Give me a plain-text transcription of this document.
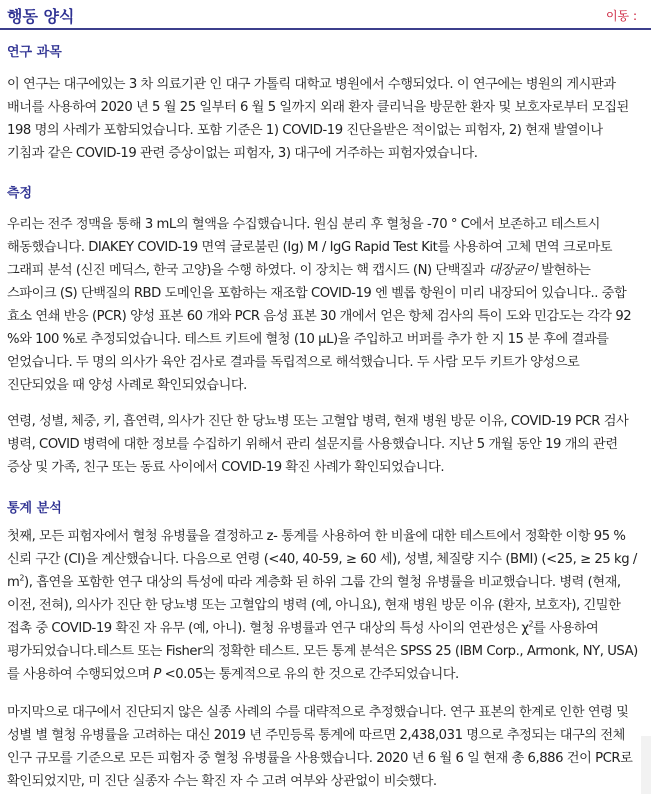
행동 양식	이동 :
연구 과목

이 연구는 대구에있는 3 차 의료기관 인 대구 가톨릭 대학교 병원에서 수행되었다. 이 연구에는 병원의 게시판과 배너를 사용하여 2020 년 5 월 25 일부터 6 월 5 일까지 외래 환자 클리닉을 방문한 환자 및 보호자로부터 모집된 198 명의 사례가 포함되었습니다. 포함 기준은 1) COVID-19 진단을받은 적이없는 피험자, 2) 현재 발열이나 기침과 같은 COVID-19 관련 증상이없는 피험자, 3) 대구에 거주하는 피험자였습니다.

측정

우리는 전주 정맥을 통해 3 mL의 혈액을 수집했습니다. 원심 분리 후 혈청을 -70 ° C에서 보존하고 테스트시 해동했습니다. DIAKEY COVID-19 면역 글로불린 (Ig) M / IgG Rapid Test Kit를 사용하여 고체 면역 크로마토 그래피 분석 (신진 메딕스, 한국 고양)을 수행 하였다. 이 장치는 핵 캡시드 (N) 단백질과 대장균이 발현하는 스파이크 (S) 단백질의 RBD 도메인을 포함하는 재조합 COVID-19 엔 벨롭 항원이 미리 내장되어 있습니다.. 중합 효소 연쇄 반응 (PCR) 양성 표본 60 개와 PCR 음성 표본 30 개에서 얻은 항체 검사의 특이 도와 민감도는 각각 92 %와 100 %로 추정되었습니다. 테스트 키트에 혈청 (10 μL)을 주입하고 버퍼를 추가 한 지 15 분 후에 결과를 얻었습니다. 두 명의 의사가 육안 검사로 결과를 독립적으로 해석했습니다. 두 사람 모두 키트가 양성으로 진단되었을 때 양성 사례로 확인되었습니다.

연령, 성별, 체중, 키, 흡연력, 의사가 진단 한 당뇨병 또는 고혈압 병력, 현재 병원 방문 이유, COVID-19 PCR 검사 병력, COVID 병력에 대한 정보를 수집하기 위해서 관리 설문지를 사용했습니다. 지난 5 개월 동안 19 개의 관련 증상 및 가족, 친구 또는 동료 사이에서 COVID-19 확진 사례가 확인되었습니다.

통계 분석

첫째, 모든 피험자에서 혈청 유병률을 결정하고 z- 통계를 사용하여 한 비율에 대한 테스트에서 정확한 이항 95 % 신뢰 구간 (CI)을 계산했습니다. 다음으로 연령 (<40, 40-59, ≥ 60 세), 성별, 체질량 지수 (BMI) (<25, ≥ 25 kg / $m^2$), 흡연을 포함한 연구 대상의 특성에 따라 계층화 된 하위 그룹 간의 혈청 유병률을 비교했습니다. 병력 (현재, 이전, 전혀), 의사가 진단 한 당뇨병 또는 고혈압의 병력 (예, 아니요), 현재 병원 방문 이유 (환자, 보호자), 긴밀한 접촉 중 COVID-19 확진 자 유무 (예, 아니). 혈청 유병률과 연구 대상의 특성 사이의 연관성은 $\chi^2$를 사용하여 평가되었습니다.테스트 또는 Fisher의 정확한 테스트. 모든 통계 분석은 SPSS 25 (IBM Corp., Armonk, NY, USA)를 사용하여 수행되었으며 P <0.05는 통계적으로 유의 한 것으로 간주되었습니다.

마지막으로 대구에서 진단되지 않은 실종 사례의 수를 대략적으로 추정했습니다. 연구 표본의 한계로 인한 연령 및 성별 별 혈청 유병률을 고려하는 대신 2019 년 주민등록 통계에 따르면 2,438,031 명으로 추정되는 대구의 전체 인구 규모를 기준으로 모든 피험자 중 혈청 유병률을 사용했습니다. 2020 년 6 월 6 일 현재 총 6,886 건이 PCR로 확인되었지만, 미 진단 실종자 수는 확진 자 수 고려 여부와 상관없이 비슷했다.
